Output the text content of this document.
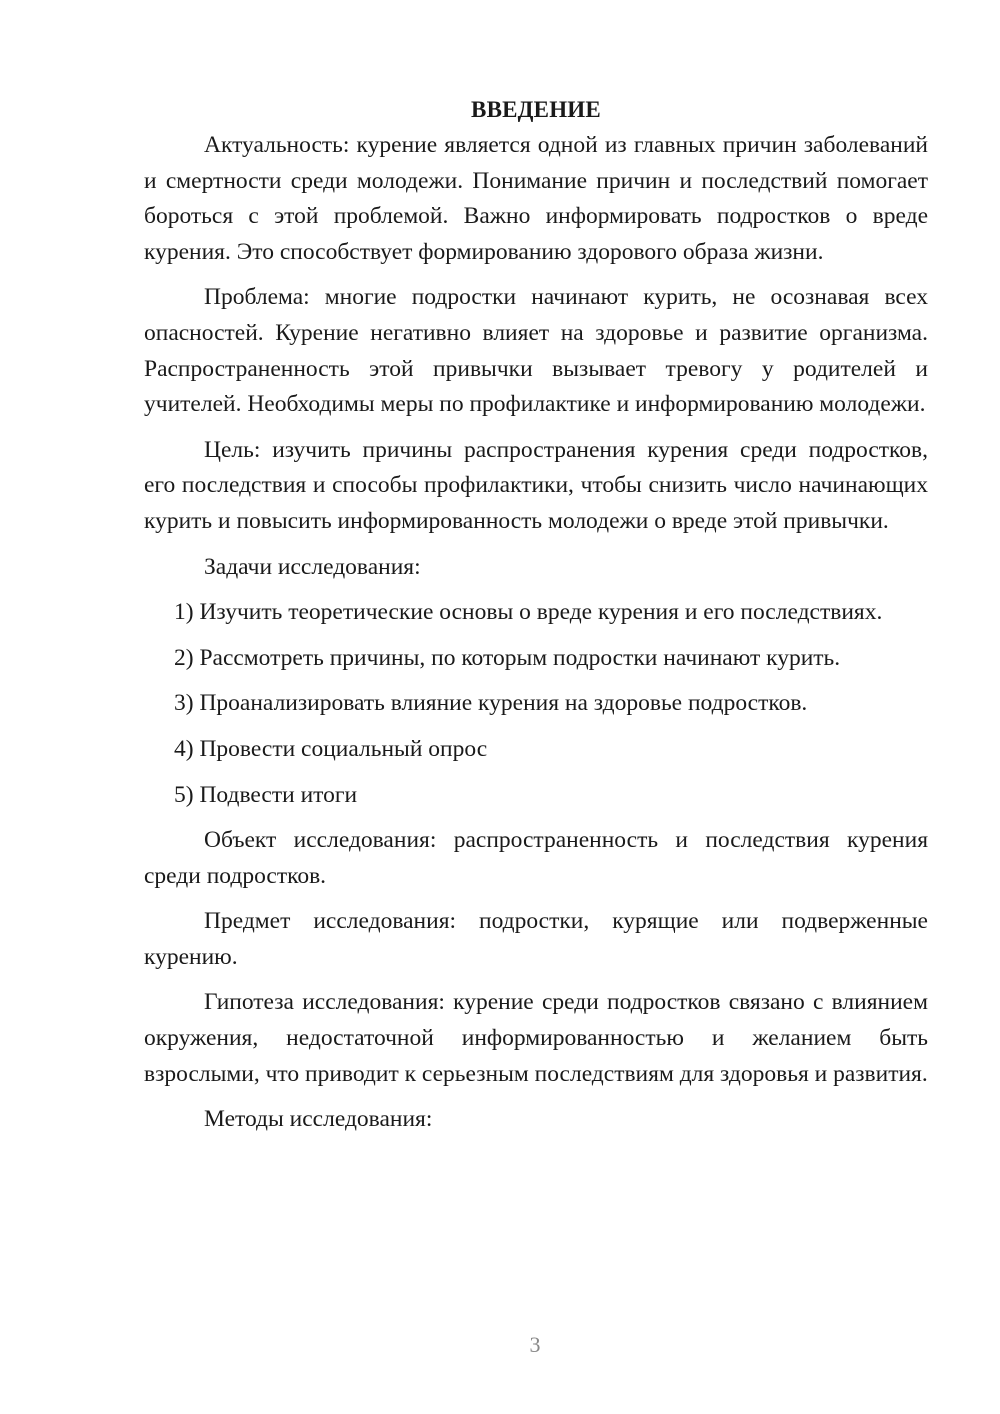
ВВЕДЕНИЕ

Актуальность: курение является одной из главных причин заболеваний и смертности среди молодежи. Понимание причин и последствий помогает бороться с этой проблемой. Важно информировать подростков о вреде курения. Это способствует формированию здорового образа жизни.

Проблема: многие подростки начинают курить, не осознавая всех опасностей. Курение негативно влияет на здоровье и развитие организма. Распространенность этой привычки вызывает тревогу у родителей и учителей. Необходимы меры по профилактике и информированию молодежи.

Цель: изучить причины распространения курения среди подростков, его последствия и способы профилактики, чтобы снизить число начинающих курить и повысить информированность молодежи о вреде этой привычки.

Задачи исследования:

1) Изучить теоретические основы о вреде курения и его последствиях.
2) Рассмотреть причины, по которым подростки начинают курить.
3) Проанализировать влияние курения на здоровье подростков.
4) Провести социальный опрос
5) Подвести итоги

Объект исследования: распространенность и последствия курения среди подростков.

Предмет исследования: подростки, курящие или подверженные курению.

Гипотеза исследования: курение среди подростков связано с влиянием окружения, недостаточной информированностью и желанием быть взрослыми, что приводит к серьезным последствиям для здоровья и развития.

Методы исследования:

3
